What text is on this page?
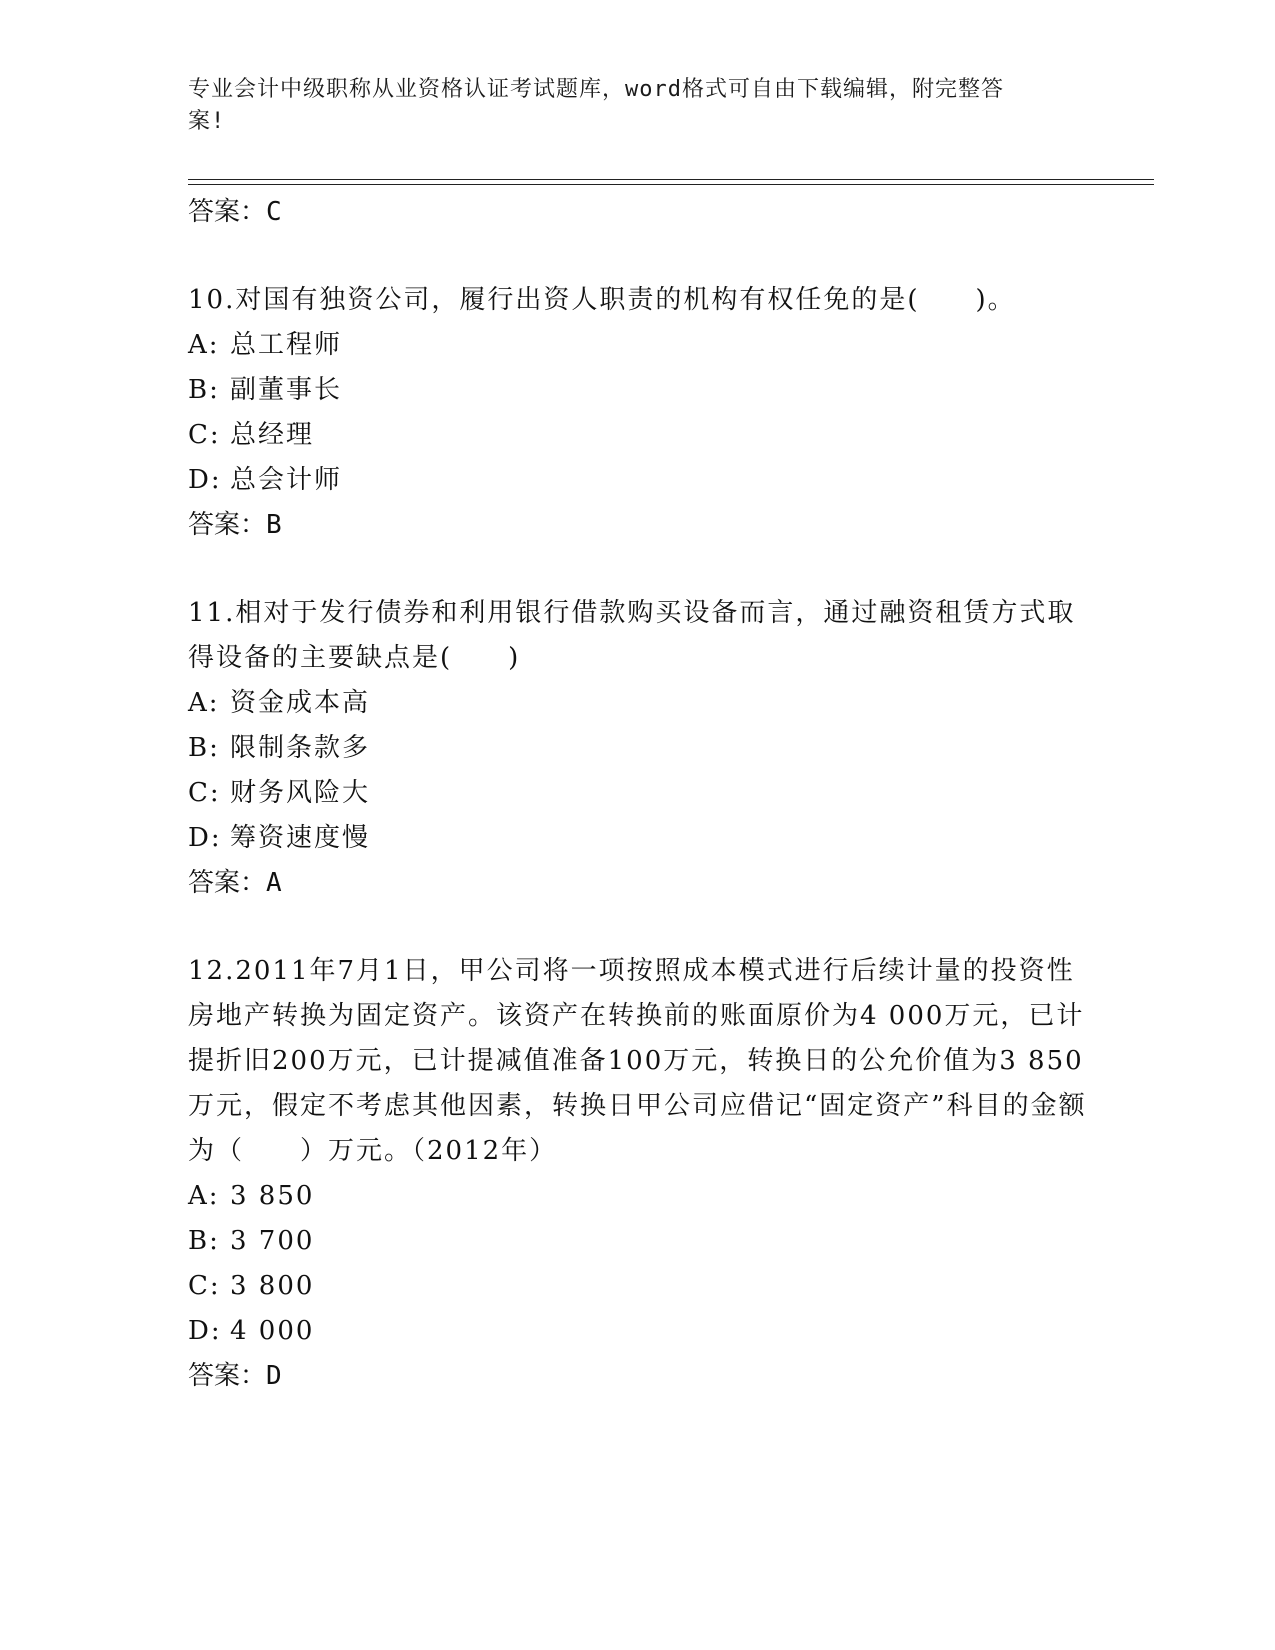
专业会计中级职称从业资格认证考试题库，word格式可自由下载编辑，附完整答
案!

答案：C

10.对国有独资公司，履行出资人职责的机构有权任免的是(　　)。

A: 总工程师

B: 副董事长

C: 总经理

D: 总会计师

答案：B

11.相对于发行债券和利用银行借款购买设备而言，通过融资租赁方式取得设备的主要缺点是(　　)

A: 资金成本高

B: 限制条款多

C: 财务风险大

D: 筹资速度慢

答案：A

12.2011年7月1日，甲公司将一项按照成本模式进行后续计量的投资性房地产转换为固定资产。该资产在转换前的账面原价为4 000万元，已计提折旧200万元，已计提减值准备100万元，转换日的公允价值为3 850万元，假定不考虑其他因素，转换日甲公司应借记“固定资产”科目的金额为（　　）万元。（2012年）

A: 3 850

B: 3 700

C: 3 800

D: 4 000

答案：D
